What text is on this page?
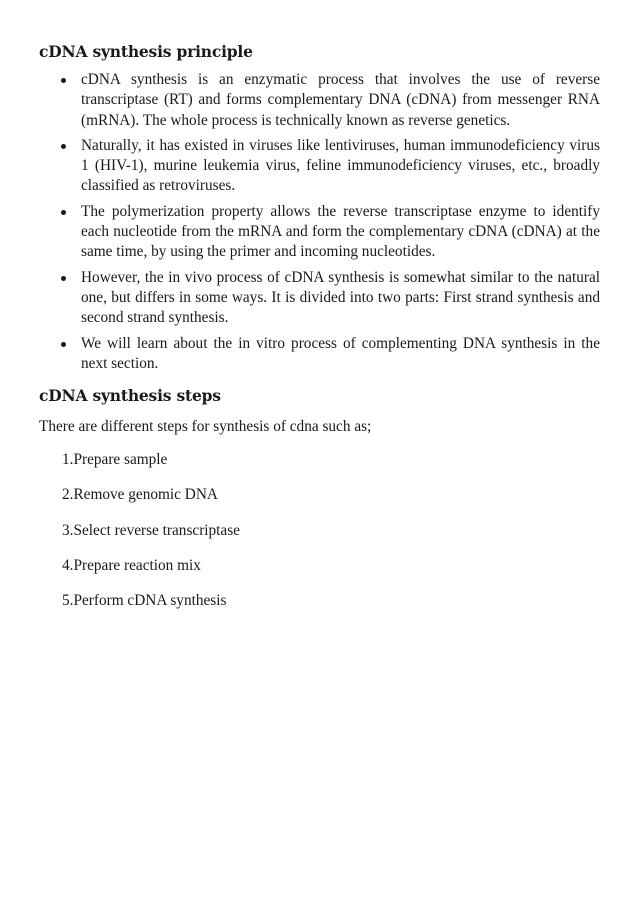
cDNA synthesis principle
cDNA synthesis is an enzymatic process that involves the use of reverse transcriptase (RT) and forms complementary DNA (cDNA) from messenger RNA (mRNA). The whole process is technically known as reverse genetics.
Naturally, it has existed in viruses like lentiviruses, human immunodeficiency virus 1 (HIV-1), murine leukemia virus, feline immunodeficiency viruses, etc., broadly classified as retroviruses.
The polymerization property allows the reverse transcriptase enzyme to identify each nucleotide from the mRNA and form the complementary cDNA (cDNA) at the same time, by using the primer and incoming nucleotides.
However, the in vivo process of cDNA synthesis is somewhat similar to the natural one, but differs in some ways. It is divided into two parts: First strand synthesis and second strand synthesis.
We will learn about the in vitro process of complementing DNA synthesis in the next section.
cDNA synthesis steps

There are different steps for synthesis of cdna such as;

1.Prepare sample
2.Remove genomic DNA
3.Select reverse transcriptase
4.Prepare reaction mix
5.Perform cDNA synthesis
